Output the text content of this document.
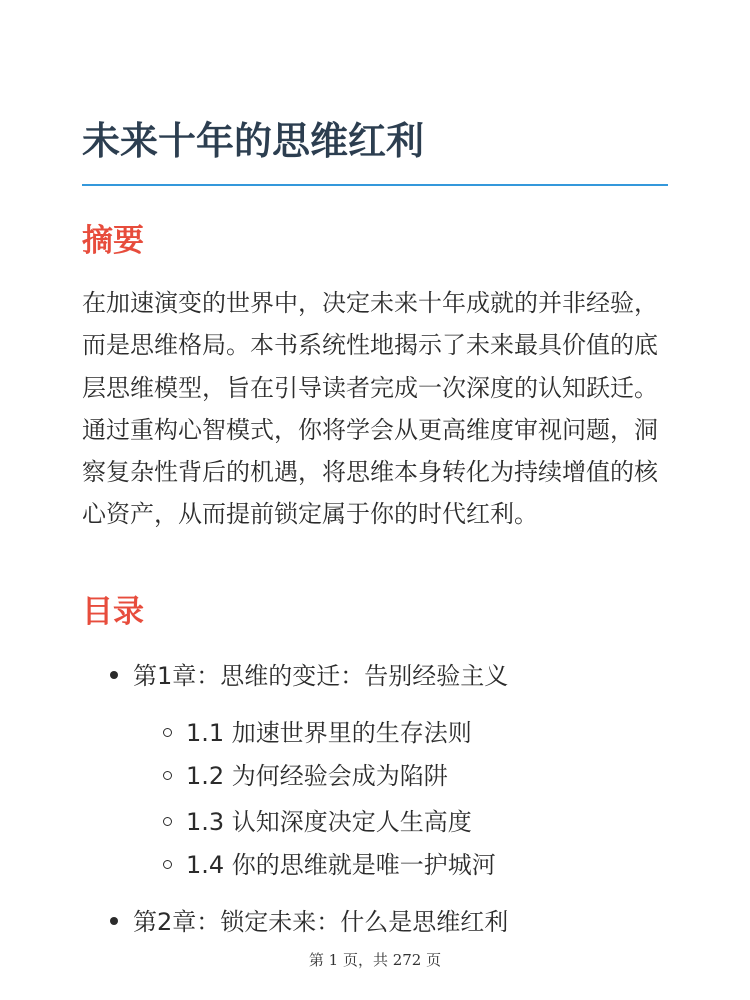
未来十年的思维红利
摘要

在加速演变的世界中，决定未来十年成就的并非经验，而是思维格局。本书系统性地揭示了未来最具价值的底层思维模型，旨在引导读者完成一次深度的认知跃迁。通过重构心智模式，你将学会从更高维度审视问题，洞察复杂性背后的机遇，将思维本身转化为持续增值的核心资产，从而提前锁定属于你的时代红利。

目录
第1章：思维的变迁：告别经验主义
1.1 加速世界里的生存法则
1.2 为何经验会成为陷阱
1.3 认知深度决定人生高度
1.4 你的思维就是唯一护城河
第2章：锁定未来：什么是思维红利
第 1 页，共 272 页
